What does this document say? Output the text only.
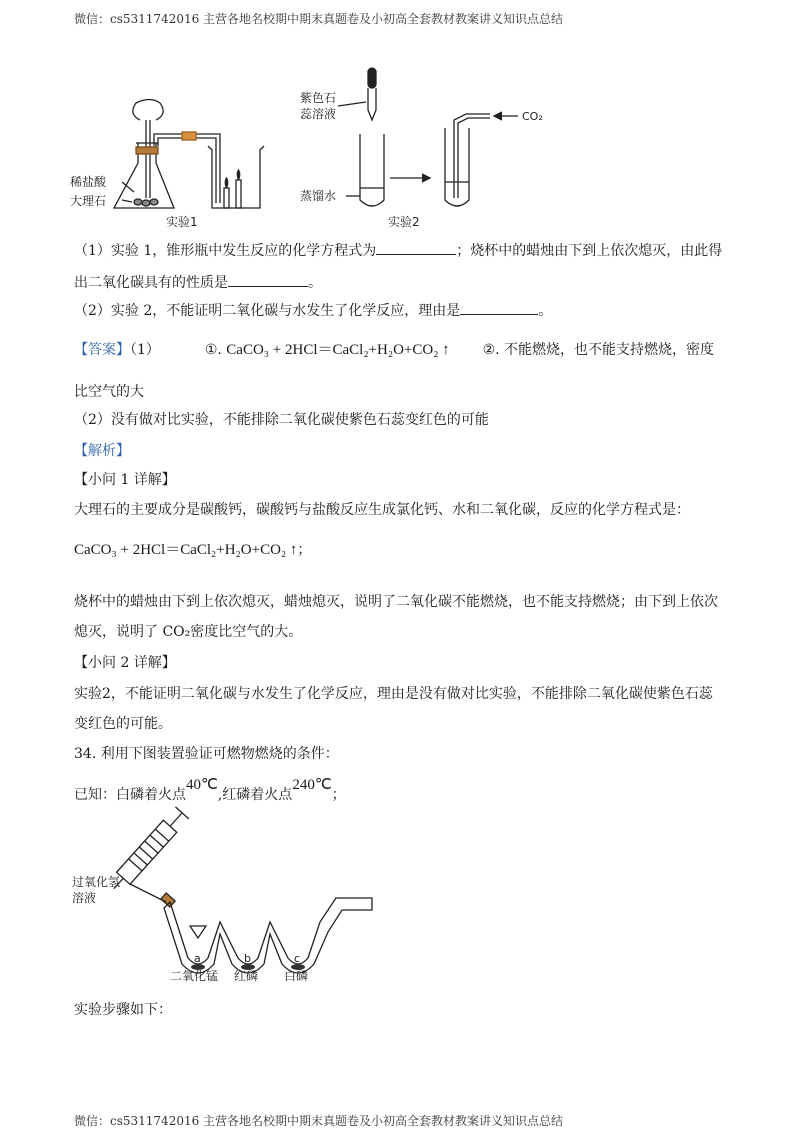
微信：cs5311742016 主营各地名校期中期末真题卷及小初高全套教材教案讲义知识点总结
稀盐酸
大理石
实验1
紫色石
蕊溶液
蒸馏水
CO₂
实验2
（1）实验 1，锥形瓶中发生反应的化学方程式为	；烧杯中的蜡烛由下到上依次熄灭，由此得
出二氧化碳具有的性质是	。
（2）实验 2，不能证明二氧化碳与水发生了化学反应，理由是	。
【答案】（1）	①. CaCO₃ + 2HCl＝CaCl₂+H₂O+CO₂ ↑ ②. 不能燃烧，也不能支持燃烧，密度
比空气的大
（2）没有做对比实验，不能排除二氧化碳使紫色石蕊变红色的可能
【解析】
【小问 1 详解】
大理石的主要成分是碳酸钙，碳酸钙与盐酸反应生成氯化钙、水和二氧化碳，反应的化学方程式是：
CaCO₃ + 2HCl＝CaCl₂+H₂O+CO₂ ↑；
烧杯中的蜡烛由下到上依次熄灭，蜡烛熄灭，说明了二氧化碳不能燃烧，也不能支持燃烧；由下到上依次
熄灭，说明了 CO₂密度比空气的大。
【小问 2 详解】
实验2，不能证明二氧化碳与水发生了化学反应，理由是没有做对比实验，不能排除二氧化碳使紫色石蕊
变红色的可能。
34. 利用下图装置验证可燃物燃烧的条件：
已知：白磷着火点40℃,红磷着火点240℃；
过氧化氢
溶液
a	b	c
二氧化锰 红磷 白磷
实验步骤如下：
微信：cs5311742016 主营各地名校期中期末真题卷及小初高全套教材教案讲义知识点总结
